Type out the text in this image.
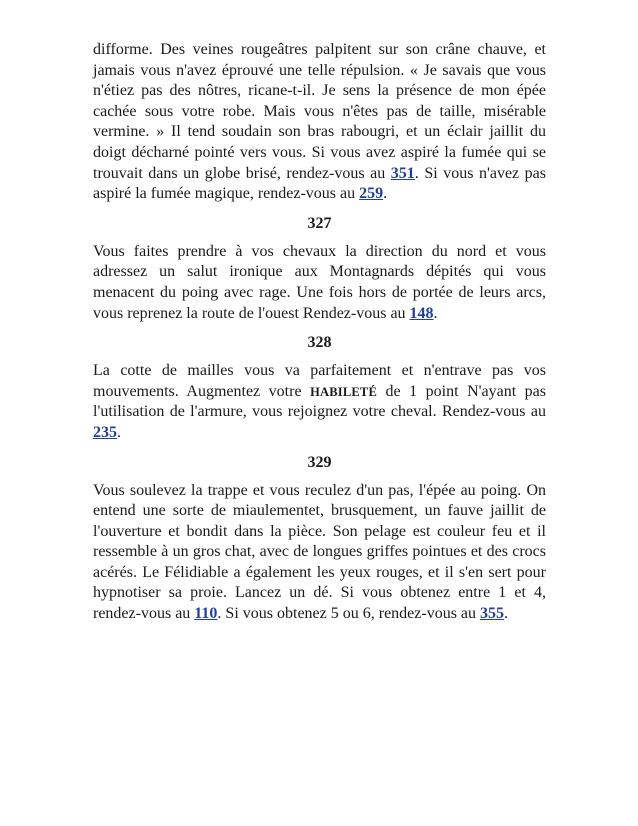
difforme. Des veines rougeâtres palpitent sur son crâne chauve, et jamais vous n'avez éprouvé une telle répulsion. « Je savais que vous n'étiez pas des nôtres, ricane-t-il. Je sens la présence de mon épée cachée sous votre robe. Mais vous n'êtes pas de taille, misérable vermine. » Il tend soudain son bras rabougri, et un éclair jaillit du doigt décharné pointé vers vous. Si vous avez aspiré la fumée qui se trouvait dans un globe brisé, rendez-vous au 351. Si vous n'avez pas aspiré la fumée magique, rendez-vous au 259.

327

Vous faites prendre à vos chevaux la direction du nord et vous adressez un salut ironique aux Montagnards dépités qui vous menacent du poing avec rage. Une fois hors de portée de leurs arcs, vous reprenez la route de l'ouest Rendez-vous au 148.

328

La cotte de mailles vous va parfaitement et n'entrave pas vos mouvements. Augmentez votre HABILETÉ de 1 point N'ayant pas l'utilisation de l'armure, vous rejoignez votre cheval. Rendez-vous au 235.

329

Vous soulevez la trappe et vous reculez d'un pas, l'épée au poing. On entend une sorte de miaulementet, brusquement, un fauve jaillit de l'ouverture et bondit dans la pièce. Son pelage est couleur feu et il ressemble à un gros chat, avec de longues griffes pointues et des crocs acérés. Le Félidiable a également les yeux rouges, et il s'en sert pour hypnotiser sa proie. Lancez un dé. Si vous obtenez entre 1 et 4, rendez-vous au 110. Si vous obtenez 5 ou 6, rendez-vous au 355.
